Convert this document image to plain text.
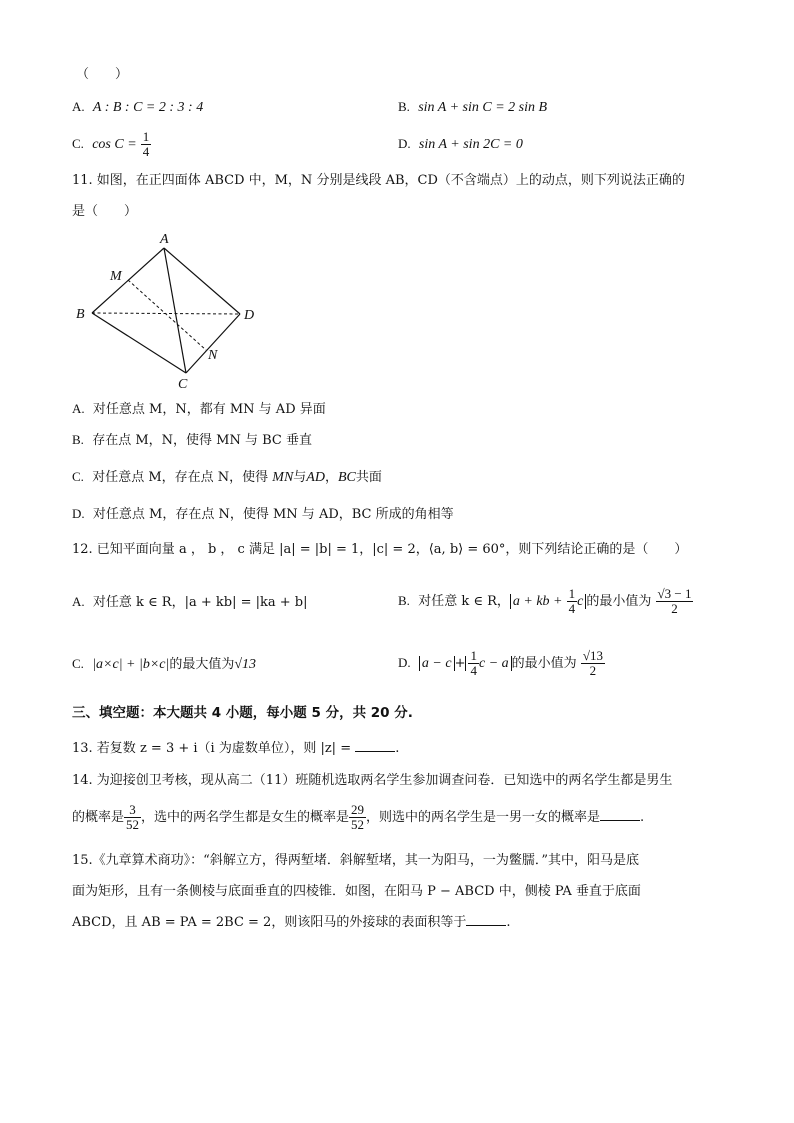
（　　）
A. A : B : C = 2 : 3 : 4	B. sin A + sin C = 2 sin B
C. $\cos C = \frac{1}{4}$	D. sin A + sin 2C = 0
11. 如图，在正四面体 ABCD 中，M，N 分别是线段 AB，CD（不含端点）上的动点，则下列说法正确的
是（　　）
A
B
C
D
M
N
A. 对任意点 M，N，都有 MN 与 AD 异面
B. 存在点 M，N，使得 MN 与 BC 垂直
C. 对任意点 M，存在点 N，使得 MN与AD，BC共面
D. 对任意点 M，存在点 N，使得 MN 与 AD，BC 所成的角相等
12. 已知平面向量 a ， b ， c 满足 |a| = |b| = 1，|c| = 2，⟨a, b⟩ = 60°，则下列结论正确的是（　　）
A. 对任意 k ∈ R，|a + kb| = |ka + b|	B. 对任意 k ∈ R， a + kb + $\frac{1}{4}$ c 的最小值为 $\frac{√3 - 1}{2}$
C. |a×c| + |b×c|的最大值为√13	D. $a - c + \frac{1}{4}$ c − a 的最小值为 $\frac{√13}{2}$
三、填空题：本大题共 4 小题，每小题 5 分，共 20 分.
13. 若复数 z = 3 + i（i 为虚数单位），则 |z| =	.
14. 为迎接创卫考核，现从高二（11）班随机选取两名学生参加调查问卷．已知选中的两名学生都是男生
的概率是 $\frac{3}{52}$ ，选中的两名学生都是女生的概率是 $\frac{29}{52}$ ，则选中的两名学生是一男一女的概率是	.
15.《九章算术商功》：“斜解立方，得两堑堵．斜解堑堵，其一为阳马，一为鳖臑．”其中，阳马是底
面为矩形，且有一条侧棱与底面垂直的四棱锥．如图，在阳马 P − ABCD 中，侧棱 PA 垂直于底面
ABCD，且 AB = PA = 2BC = 2，则该阳马的外接球的表面积等于	.
